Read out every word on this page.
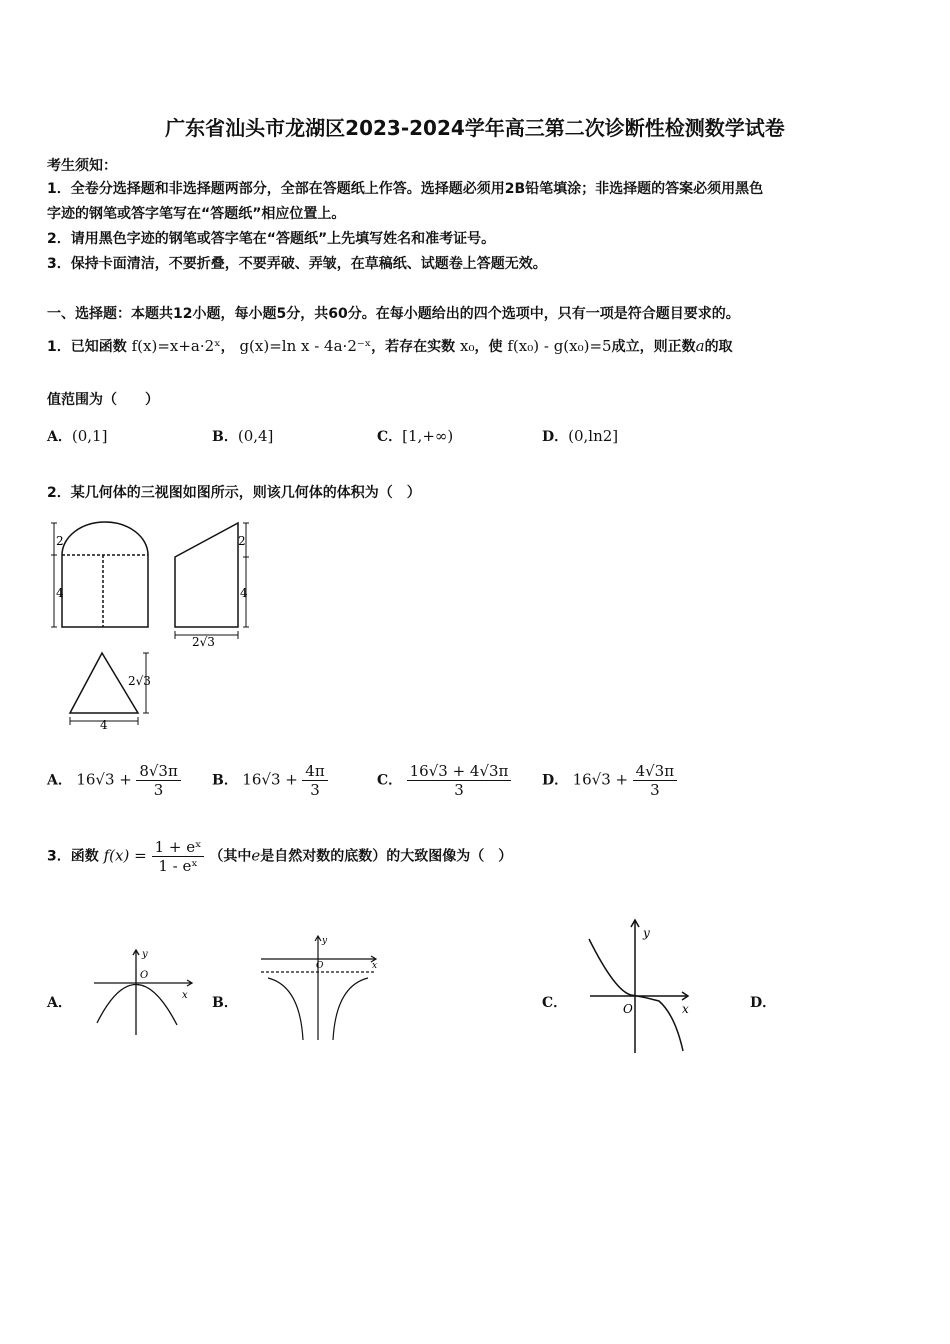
广东省汕头市龙湖区2023-2024学年高三第二次诊断性检测数学试卷
考生须知：
1．全卷分选择题和非选择题两部分，全部在答题纸上作答。选择题必须用2B铅笔填涂；非选择题的答案必须用黑色
字迹的钢笔或答字笔写在“答题纸”相应位置上。
2．请用黑色字迹的钢笔或答字笔在“答题纸”上先填写姓名和准考证号。
3．保持卡面清洁，不要折叠，不要弄破、弄皱，在草稿纸、试题卷上答题无效。
一、选择题：本题共12小题，每小题5分，共60分。在每小题给出的四个选项中，只有一项是符合题目要求的。
1．已知函数 f(x)=x+a·2ˣ， g(x)=ln x - 4a·2⁻ˣ，若存在实数 x₀，使 f(x₀) - g(x₀)=5成立，则正数a的取
值范围为（　　）
A．(0,1]	B．(0,4]	C．[1,+∞)	D．(0,ln2]
2．某几何体的三视图如图所示，则该几何体的体积为（　）
2
4
2
4
2√3
2√3
4
A． $16√3 + \frac{8√3\pi}{3}$ B． $16√3 + \frac{4\pi}{3}$	C． $\frac{16√3 + 4√3\pi}{3}$ D． $16√3 + \frac{4√3\pi}{3}$
3．函数 $f(x) = \frac{\text{1 + eˣ}}{\text{1 - eˣ}}$ （其中e是自然对数的底数）的大致图像为（　）
A．
y
O
x B．
y
O	x
C．
y
O	x	D．
